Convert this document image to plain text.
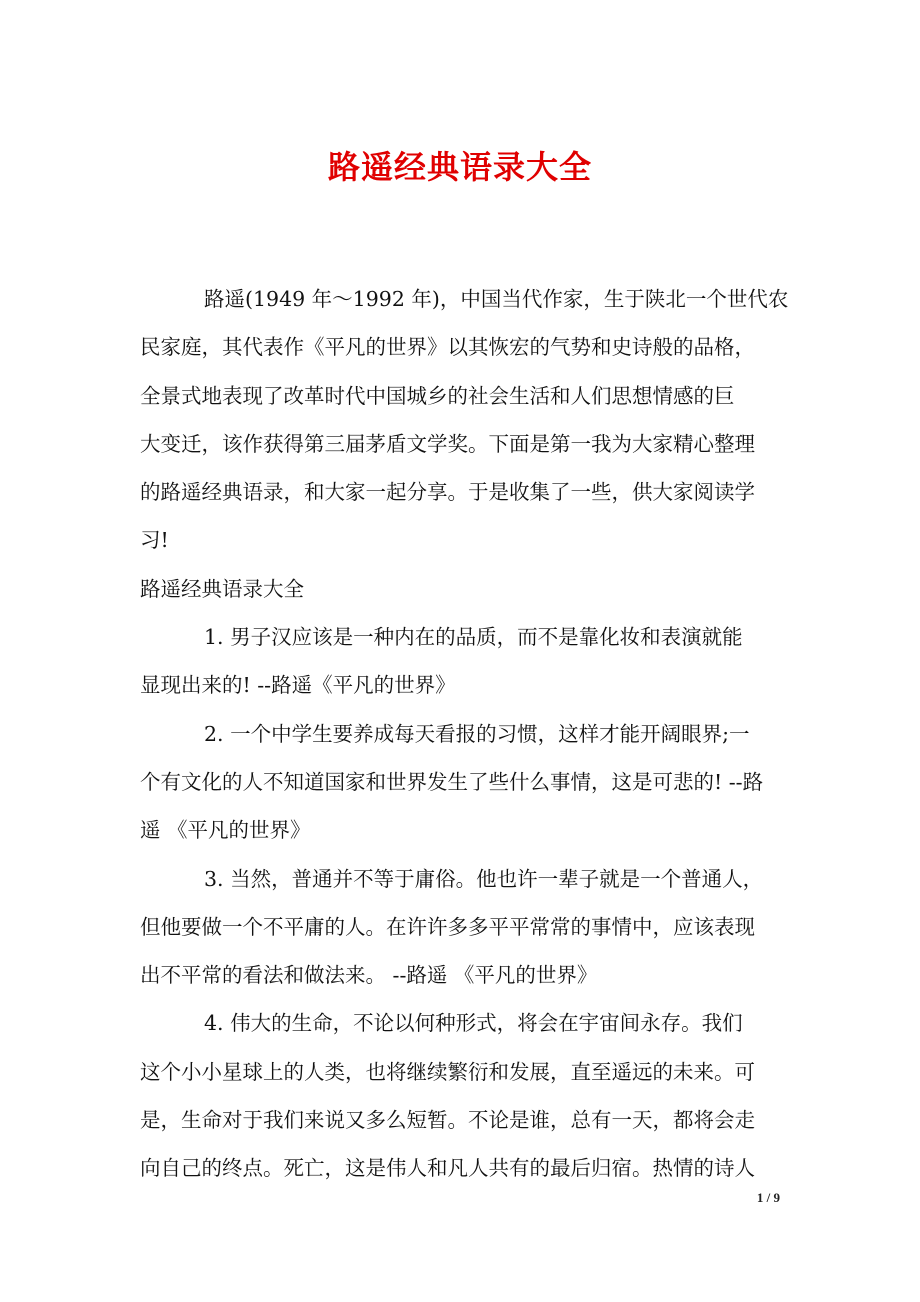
路遥经典语录大全
路遥(1949 年～1992 年)，中国当代作家，生于陕北一个世代农
民家庭，其代表作《平凡的世界》以其恢宏的气势和史诗般的品格，
全景式地表现了改革时代中国城乡的社会生活和人们思想情感的巨
大变迁，该作获得第三届茅盾文学奖。下面是第一我为大家精心整理
的路遥经典语录，和大家一起分享。于是收集了一些，供大家阅读学
习!
路遥经典语录大全
1. 男子汉应该是一种内在的品质，而不是靠化妆和表演就能
显现出来的! --路遥《平凡的世界》
2. 一个中学生要养成每天看报的习惯，这样才能开阔眼界;一
个有文化的人不知道国家和世界发生了些什么事情，这是可悲的! --路
遥 《平凡的世界》
3. 当然，普通并不等于庸俗。他也许一辈子就是一个普通人，
但他要做一个不平庸的人。在许许多多平平常常的事情中，应该表现
出不平常的看法和做法来。 --路遥 《平凡的世界》
4. 伟大的生命，不论以何种形式，将会在宇宙间永存。我们
这个小小星球上的人类，也将继续繁衍和发展，直至遥远的未来。可
是，生命对于我们来说又多么短暂。不论是谁，总有一天，都将会走
向自己的终点。死亡，这是伟人和凡人共有的最后归宿。热情的诗人
1 / 9
